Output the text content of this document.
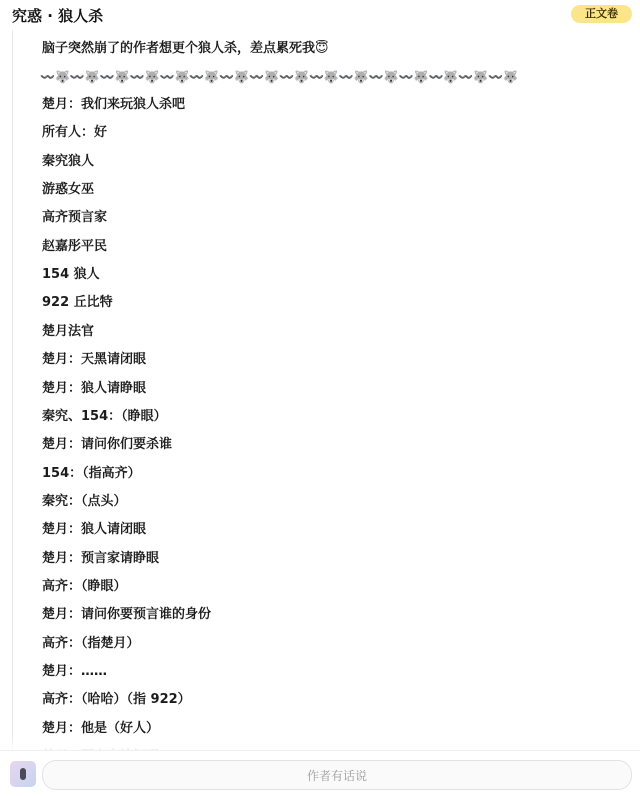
究惑 · 狼人杀	正文卷
脑子突然崩了的作者想更个狼人杀，差点累死我😇
〰️🐺〰️🐺〰️🐺〰️🐺〰️🐺〰️🐺〰️🐺〰️🐺〰️🐺〰️🐺〰️🐺〰️🐺〰️🐺〰️🐺〰️🐺〰️🐺
楚月：我们来玩狼人杀吧
所有人：好
秦究狼人
游惑女巫
高齐预言家
赵嘉彤平民
154 狼人
922 丘比特
楚月法官
楚月：天黑请闭眼
楚月：狼人请睁眼
秦究、154：（睁眼）
楚月：请问你们要杀谁
154：（指高齐）
秦究：（点头）
楚月：狼人请闭眼
楚月：预言家请睁眼
高齐：（睁眼）
楚月：请问你要预言谁的身份
高齐：（指楚月）
楚月：……
高齐：（哈哈）（指 922）
楚月：他是（好人）
作者有话说
